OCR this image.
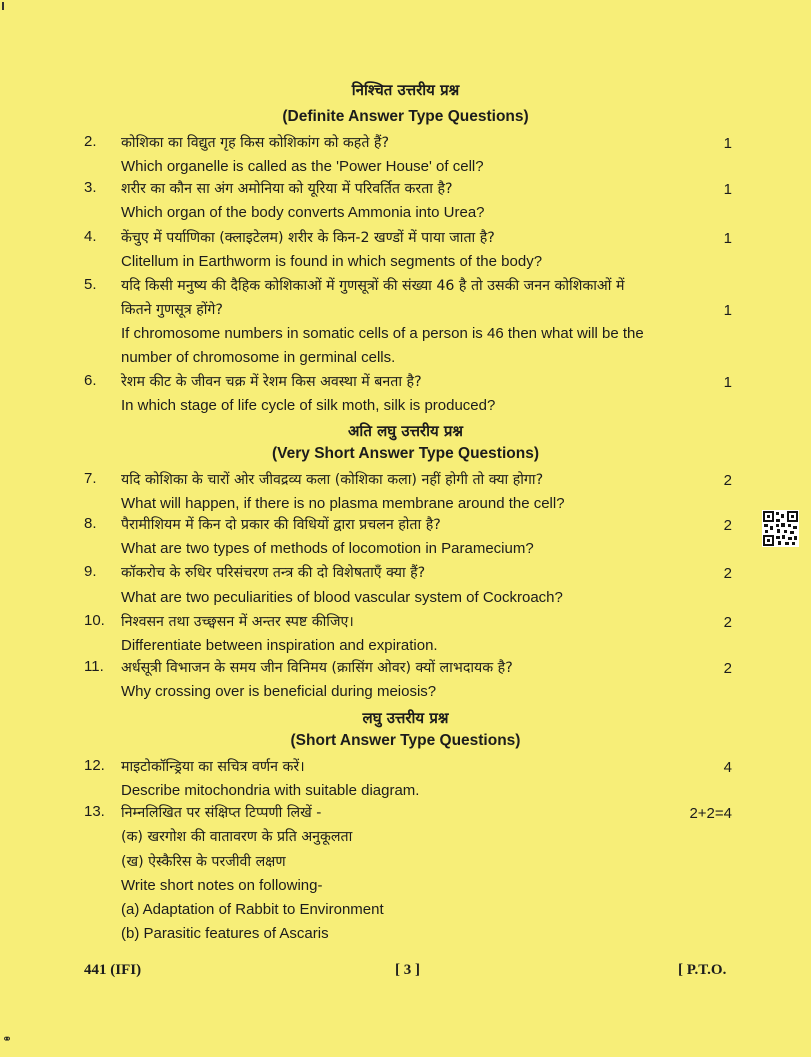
निश्चित उत्तरीय प्रश्न
(Definite Answer Type Questions)
2.	कोशिका का विद्युत गृह किस कोशिकांग को कहते हैं?	1
Which organelle is called as the 'Power House' of cell?
3.	शरीर का कौन सा अंग अमोनिया को यूरिया में परिवर्तित करता है?	1
Which organ of the body converts Ammonia into Urea?
4.	केंचुए में पर्याणिका (क्लाइटेलम) शरीर के किन-2 खण्डों में पाया जाता है?	1
Clitellum in Earthworm is found in which segments of the body?
5.	यदि किसी मनुष्य की दैहिक कोशिकाओं में गुणसूत्रों की संख्या 46 है तो उसकी जनन कोशिकाओं में
कितने गुणसूत्र होंगे?	1
If chromosome numbers in somatic cells of a person is 46 then what will be the
number of chromosome in germinal cells.
6.	रेशम कीट के जीवन चक्र में रेशम किस अवस्था में बनता है?	1
In which stage of life cycle of silk moth, silk is produced?
अति लघु उत्तरीय प्रश्न
(Very Short Answer Type Questions)
7.	यदि कोशिका के चारों ओर जीवद्रव्य कला (कोशिका कला) नहीं होगी तो क्या होगा?	2
What will happen, if there is no plasma membrane around the cell?
8.	पैरामीशियम में किन दो प्रकार की विधियों द्वारा प्रचलन होता है?	2
What are two types of methods of locomotion in Paramecium?
9.	कॉकरोच के रुधिर परिसंचरण तन्त्र की दो विशेषताएँ क्या हैं?	2
What are two peculiarities of blood vascular system of Cockroach?
10.	निश्वसन तथा उच्छ्वसन में अन्तर स्पष्ट कीजिए।	2
Differentiate between inspiration and expiration.
11.	अर्धसूत्री विभाजन के समय जीन विनिमय (क्रासिंग ओवर) क्यों लाभदायक है?	2
Why crossing over is beneficial during meiosis?
लघु उत्तरीय प्रश्न
(Short Answer Type Questions)
12.	माइटोकॉन्ड्रिया का सचित्र वर्णन करें।	4
Describe mitochondria with suitable diagram.
13.	निम्नलिखित पर संक्षिप्त टिप्पणी लिखें -	2+2=4
(क) खरगोश की वातावरण के प्रति अनुकूलता
(ख) ऐस्कैरिस के परजीवी लक्षण
Write short notes on following-
(a) Adaptation of Rabbit to Environment
(b) Parasitic features of Ascaris
441 (IFI)	[ 3 ]	[ P.T.O.
⚭
